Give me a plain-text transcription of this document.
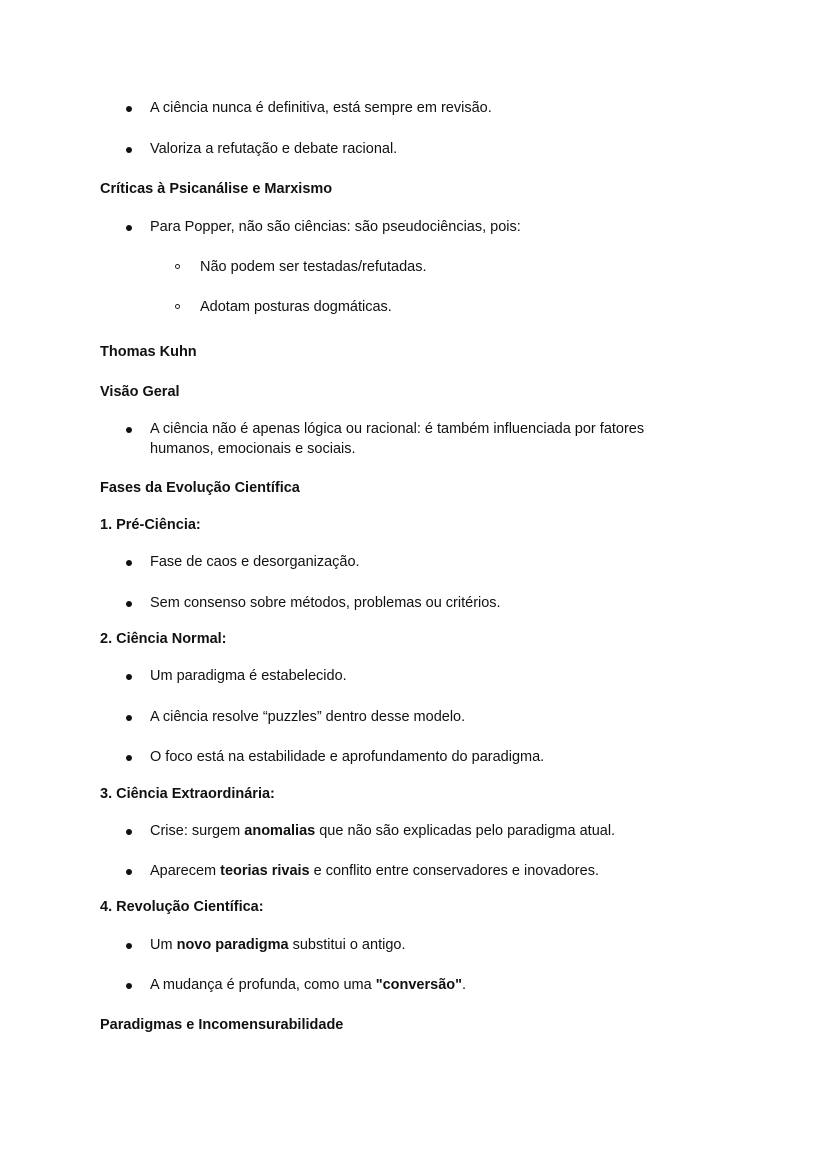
A ciência nunca é definitiva, está sempre em revisão.
Valoriza a refutação e debate racional.
Críticas à Psicanálise e Marxismo
Para Popper, não são ciências: são pseudociências, pois:
Não podem ser testadas/refutadas.
Adotam posturas dogmáticas.
Thomas Kuhn
Visão Geral
A ciência não é apenas lógica ou racional: é também influenciada por fatores humanos, emocionais e sociais.
Fases da Evolução Científica
1. Pré-Ciência:
Fase de caos e desorganização.
Sem consenso sobre métodos, problemas ou critérios.
2. Ciência Normal:
Um paradigma é estabelecido.
A ciência resolve “puzzles” dentro desse modelo.
O foco está na estabilidade e aprofundamento do paradigma.
3. Ciência Extraordinária:
Crise: surgem anomalias que não são explicadas pelo paradigma atual.
Aparecem teorias rivais e conflito entre conservadores e inovadores.
4. Revolução Científica:
Um novo paradigma substitui o antigo.
A mudança é profunda, como uma "conversão".
Paradigmas e Incomensurabilidade
